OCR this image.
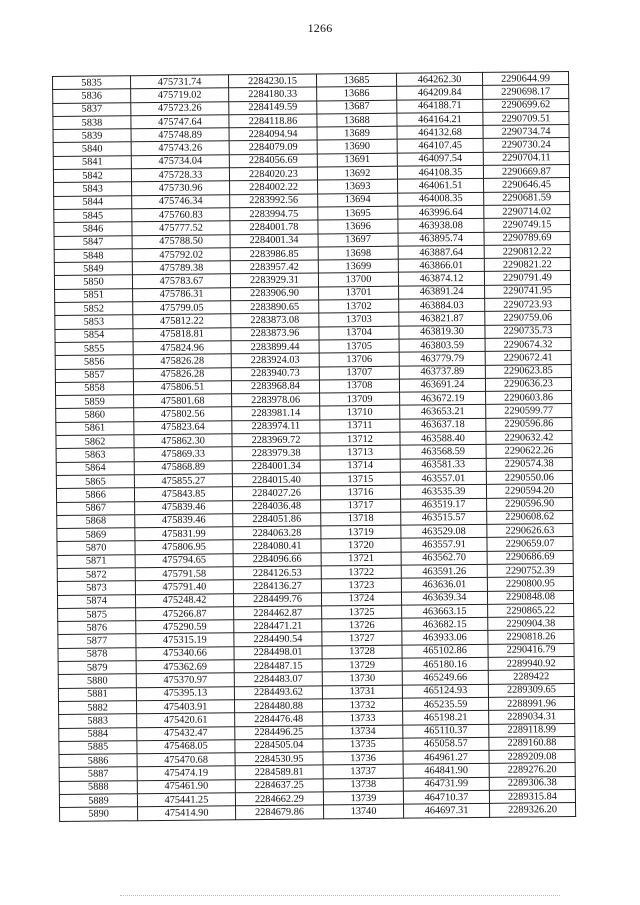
1266
5835	475731.74	2284230.15	13685	464262.30	2290644.99
5836	475719.02	2284180.33	13686	464209.84	2290698.17
5837	475723.26	2284149.59	13687	464188.71	2290699.62
5838	475747.64	2284118.86	13688	464164.21	2290709.51
5839	475748.89	2284094.94	13689	464132.68	2290734.74
5840	475743.26	2284079.09	13690	464107.45	2290730.24
5841	475734.04	2284056.69	13691	464097.54	2290704.11
5842	475728.33	2284020.23	13692	464108.35	2290669.87
5843	475730.96	2284002.22	13693	464061.51	2290646.45
5844	475746.34	2283992.56	13694	464008.35	2290681.59
5845	475760.83	2283994.75	13695	463996.64	2290714.02
5846	475777.52	2284001.78	13696	463938.08	2290749.15
5847	475788.50	2284001.34	13697	463895.74	2290789.69
5848	475792.02	2283986.85	13698	463887.64	2290812.22
5849	475789.38	2283957.42	13699	463866.01	2290821.22
5850	475783.67	2283929.31	13700	463874.12	2290791.49
5851	475786.31	2283906.90	13701	463891.24	2290741.95
5852	475799.05	2283890.65	13702	463884.03	2290723.93
5853	475812.22	2283873.08	13703	463821.87	2290759.06
5854	475818.81	2283873.96	13704	463819.30	2290735.73
5855	475824.96	2283899.44	13705	463803.59	2290674.32
5856	475826.28	2283924.03	13706	463779.79	2290672.41
5857	475826.28	2283940.73	13707	463737.89	2290623.85
5858	475806.51	2283968.84	13708	463691.24	2290636.23
5859	475801.68	2283978.06	13709	463672.19	2290603.86
5860	475802.56	2283981.14	13710	463653.21	2290599.77
5861	475823.64	2283974.11	13711	463637.18	2290596.86
5862	475862.30	2283969.72	13712	463588.40	2290632.42
5863	475869.33	2283979.38	13713	463568.59	2290622.26
5864	475868.89	2284001.34	13714	463581.33	2290574.38
5865	475855.27	2284015.40	13715	463557.01	2290550.06
5866	475843.85	2284027.26	13716	463535.39	2290594.20
5867	475839.46	2284036.48	13717	463519.17	2290596.90
5868	475839.46	2284051.86	13718	463515.57	2290608.62
5869	475831.99	2284063.28	13719	463529.08	2290626.63
5870	475806.95	2284080.41	13720	463557.91	2290659.07
5871	475794.65	2284096.66	13721	463562.70	2290686.69
5872	475791.58	2284126.53	13722	463591.26	2290752.39
5873	475791.40	2284136.27	13723	463636.01	2290800.95
5874	475248.42	2284499.76	13724	463639.34	2290848.08
5875	475266.87	2284462.87	13725	463663.15	2290865.22
5876	475290.59	2284471.21	13726	463682.15	2290904.38
5877	475315.19	2284490.54	13727	463933.06	2290818.26
5878	475340.66	2284498.01	13728	465102.86	2290416.79
5879	475362.69	2284487.15	13729	465180.16	2289940.92
5880	475370.97	2284483.07	13730	465249.66	2289422
5881	475395.13	2284493.62	13731	465124.93	2289309.65
5882	475403.91	2284480.88	13732	465235.59	2288991.96
5883	475420.61	2284476.48	13733	465198.21	2289034.31
5884	475432.47	2284496.25	13734	465110.37	2289118.99
5885	475468.05	2284505.04	13735	465058.57	2289160.88
5886	475470.68	2284530.95	13736	464961.27	2289209.08
5887	475474.19	2284589.81	13737	464841.90	2289276.20
5888	475461.90	2284637.25	13738	464731.99	2289306.38
5889	475441.25	2284662.29	13739	464710.37	2289315.84
5890	475414.90	2284679.86	13740	464697.31	2289326.20
